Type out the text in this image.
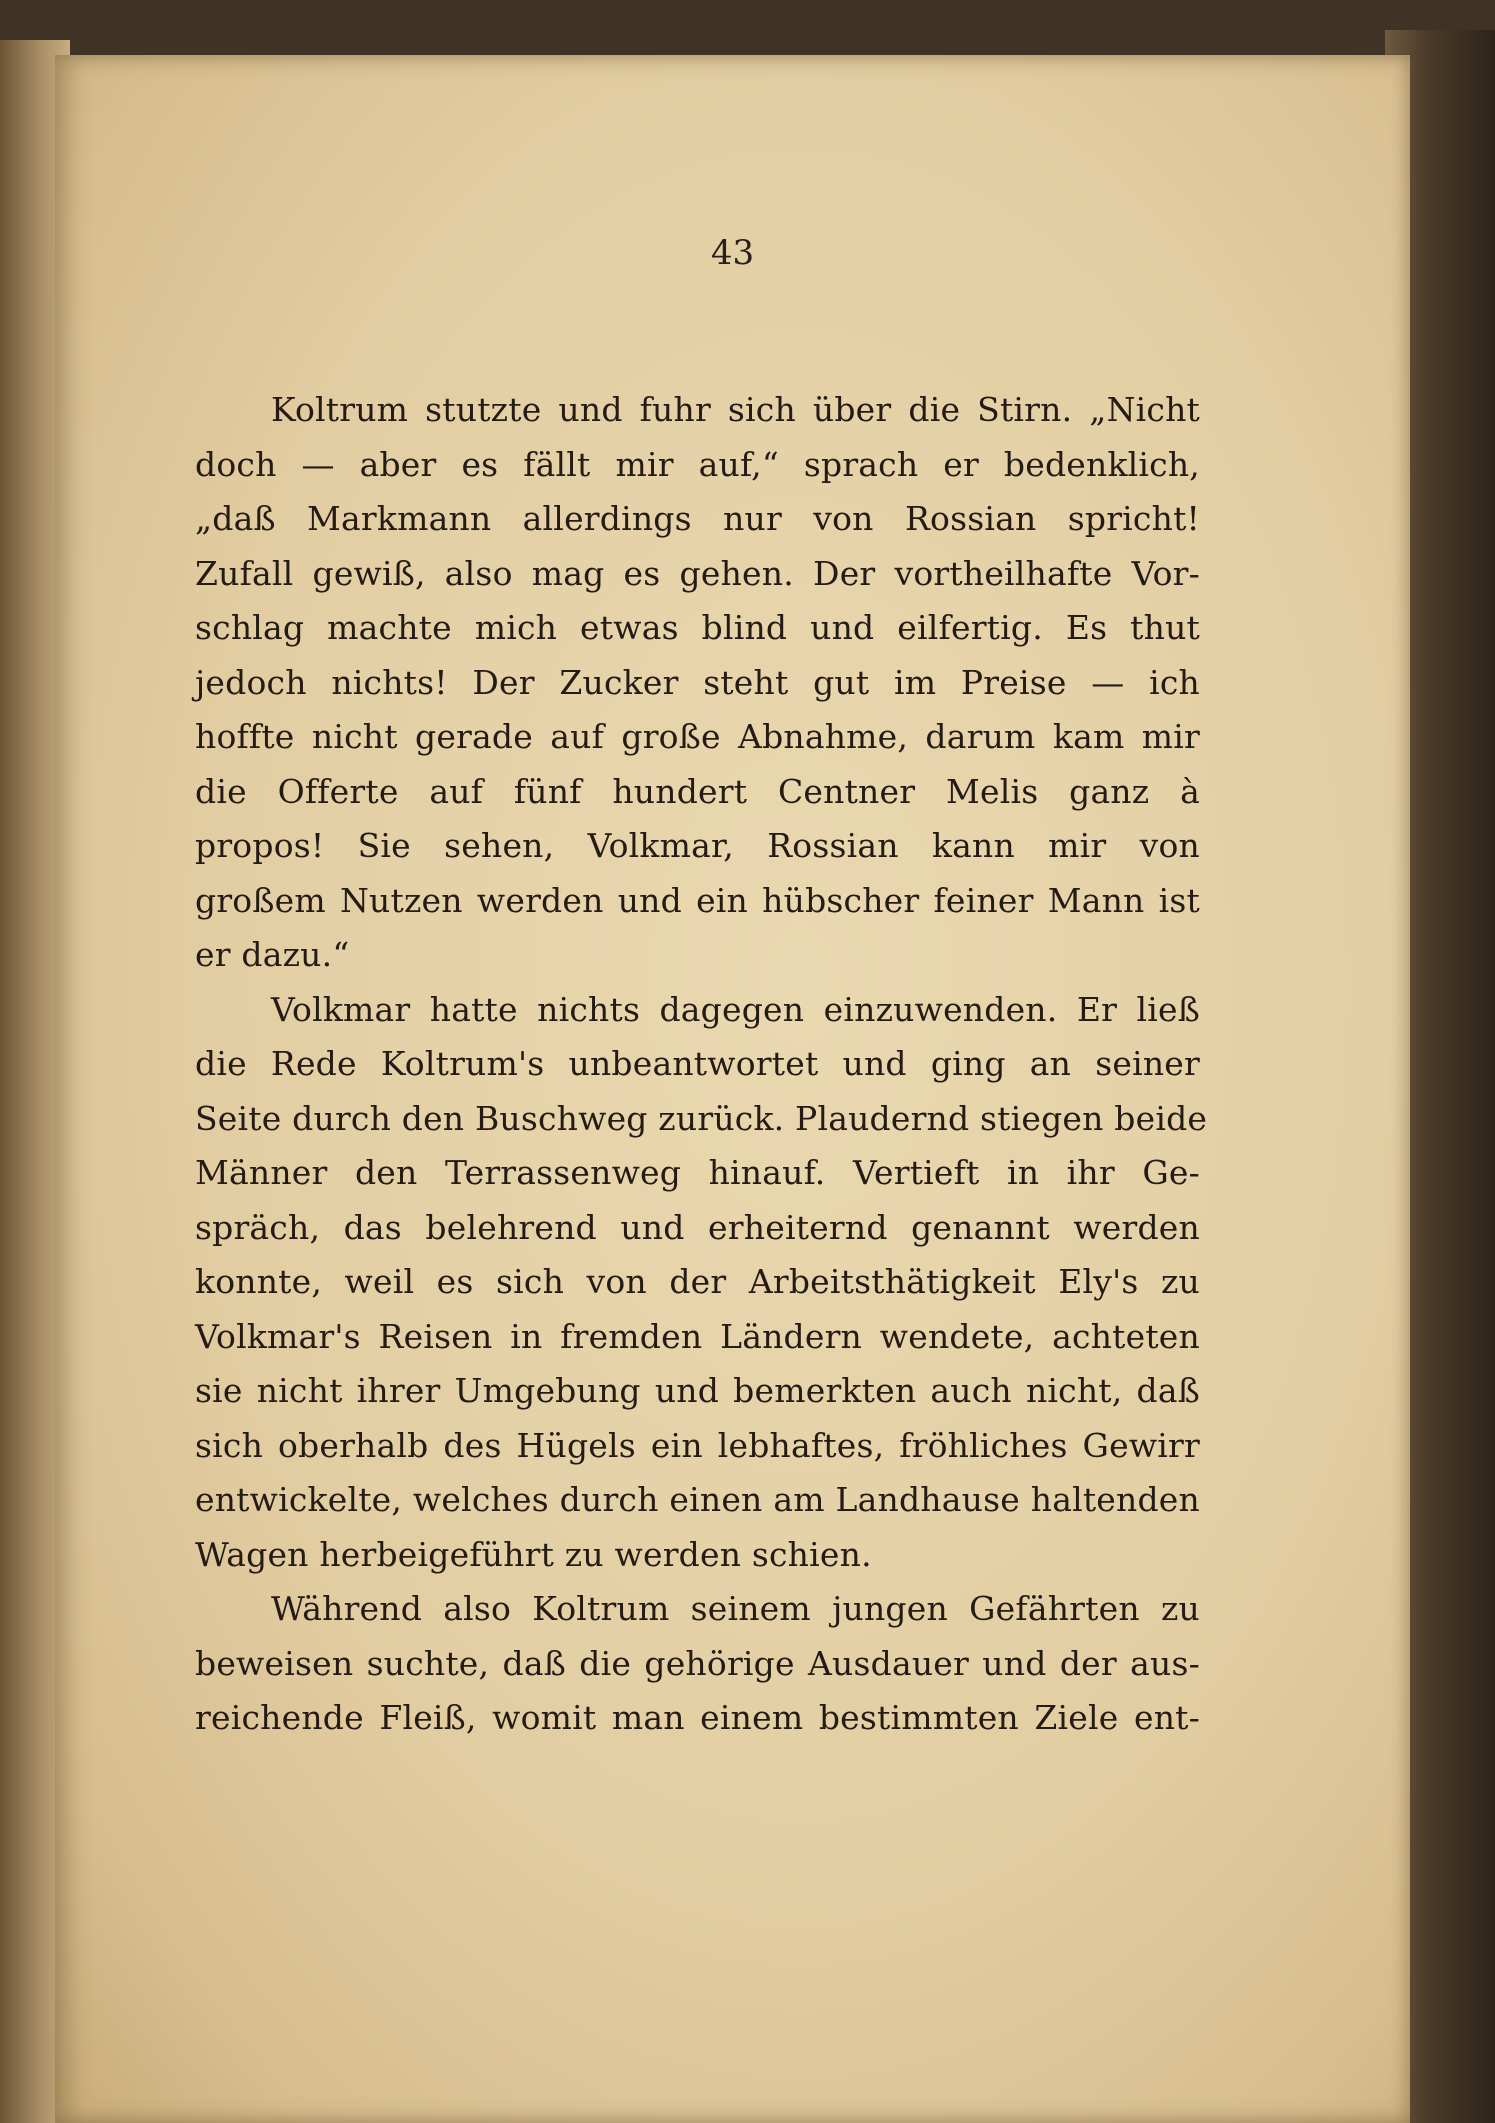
43
Koltrum stutzte und fuhr sich über die Stirn. „Nicht
doch — aber es fällt mir auf,“ sprach er bedenklich,
„daß Markmann allerdings nur von Rossian spricht!
Zufall gewiß, also mag es gehen. Der vortheilhafte Vor-
schlag machte mich etwas blind und eilfertig. Es thut
jedoch nichts! Der Zucker steht gut im Preise — ich
hoffte nicht gerade auf große Abnahme, darum kam mir
die Offerte auf fünf hundert Centner Melis ganz à
propos! Sie sehen, Volkmar, Rossian kann mir von
großem Nutzen werden und ein hübscher feiner Mann ist
er dazu.“
Volkmar hatte nichts dagegen einzuwenden. Er ließ
die Rede Koltrum's unbeantwortet und ging an seiner
Seite durch den Buschweg zurück. Plaudernd stiegen beide
Männer den Terrassenweg hinauf. Vertieft in ihr Ge-
spräch, das belehrend und erheiternd genannt werden
konnte, weil es sich von der Arbeitsthätigkeit Ely's zu
Volkmar's Reisen in fremden Ländern wendete, achteten
sie nicht ihrer Umgebung und bemerkten auch nicht, daß
sich oberhalb des Hügels ein lebhaftes, fröhliches Gewirr
entwickelte, welches durch einen am Landhause haltenden
Wagen herbeigeführt zu werden schien.
Während also Koltrum seinem jungen Gefährten zu
beweisen suchte, daß die gehörige Ausdauer und der aus-
reichende Fleiß, womit man einem bestimmten Ziele ent-
